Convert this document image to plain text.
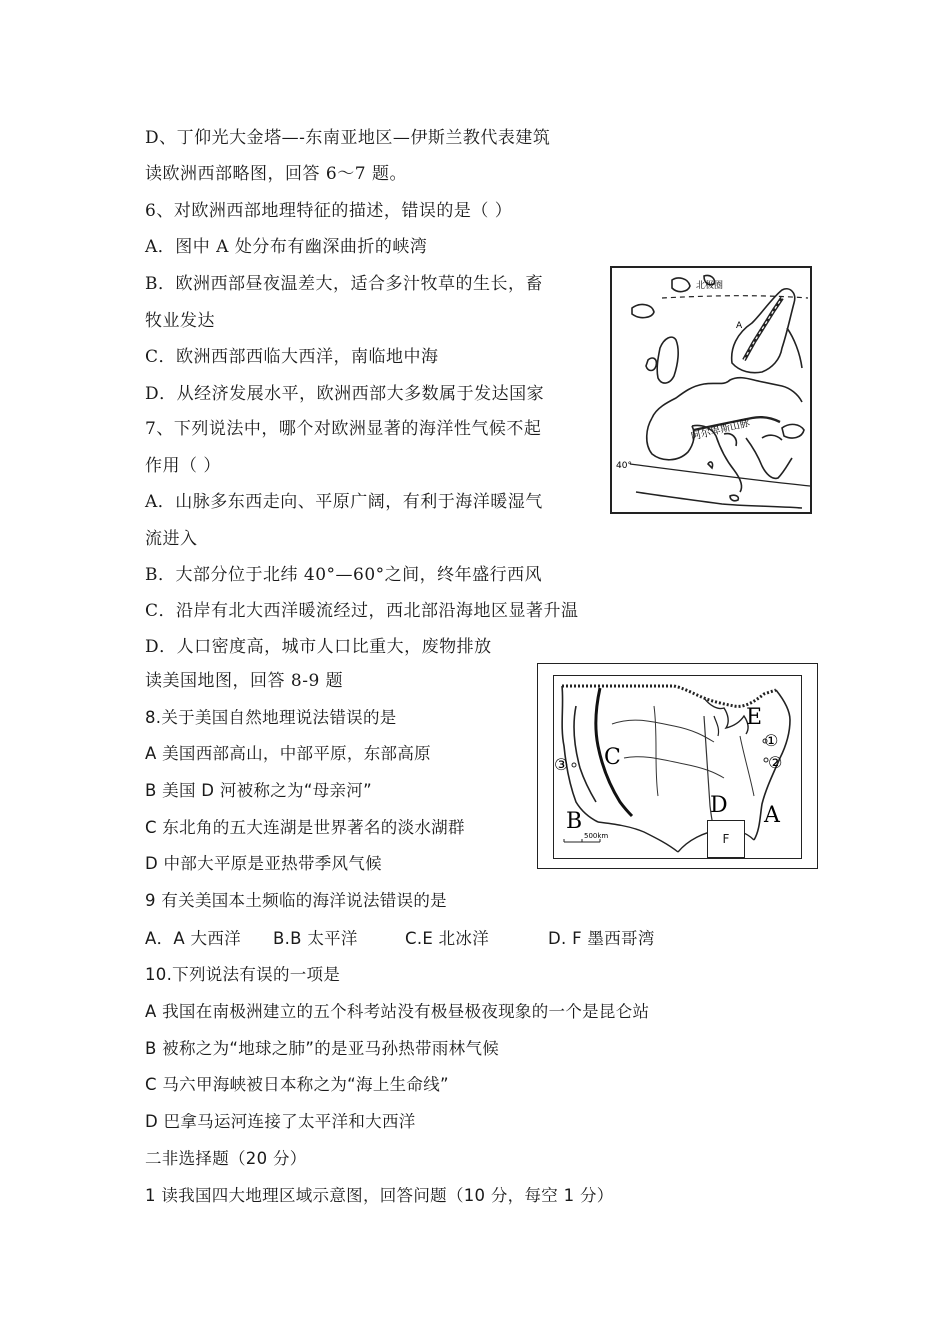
D、丁仰光大金塔—-东南亚地区—伊斯兰教代表建筑
读欧洲西部略图，回答 6～7 题。
6、对欧洲西部地理特征的描述，错误的是（ ）
A．图中 A 处分布有幽深曲折的峡湾
B．欧洲西部昼夜温差大，适合多汁牧草的生长，畜
牧业发达
C．欧洲西部西临大西洋，南临地中海
D．从经济发展水平，欧洲西部大多数属于发达国家
7、下列说法中，哪个对欧洲显著的海洋性气候不起
作用（ ）
A．山脉多东西走向、平原广阔，有利于海洋暖湿气
流进入
B．大部分位于北纬 40°—60°之间，终年盛行西风
C．沿岸有北大西洋暖流经过，西北部沿海地区显著升温
D．人口密度高，城市人口比重大，废物排放
读美国地图，回答 8-9 题
8.关于美国自然地理说法错误的是
A 美国西部高山，中部平原，东部高原
B 美国 D 河被称之为“母亲河”
C 东北角的五大连湖是世界著名的淡水湖群
D 中部大平原是亚热带季风气候
9 有关美国本土频临的海洋说法错误的是
A．A 大西洋 B.B 太平洋	C.E 北冰洋	D. F 墨西哥湾
10.下列说法有误的一项是
A 我国在南极洲建立的五个科考站没有极昼极夜现象的一个是昆仑站
B 被称之为“地球之肺”的是亚马孙热带雨林气候
C 马六甲海峡被日本称之为“海上生命线”
D 巴拿马运河连接了太平洋和大西洋
二非选择题（20 分）
1 读我国四大地理区域示意图，回答问题（10 分，每空 1 分）
北极圈
阿尔卑斯山脉
40°
A
500km
A
B
C
D
E
①
②
③
F
